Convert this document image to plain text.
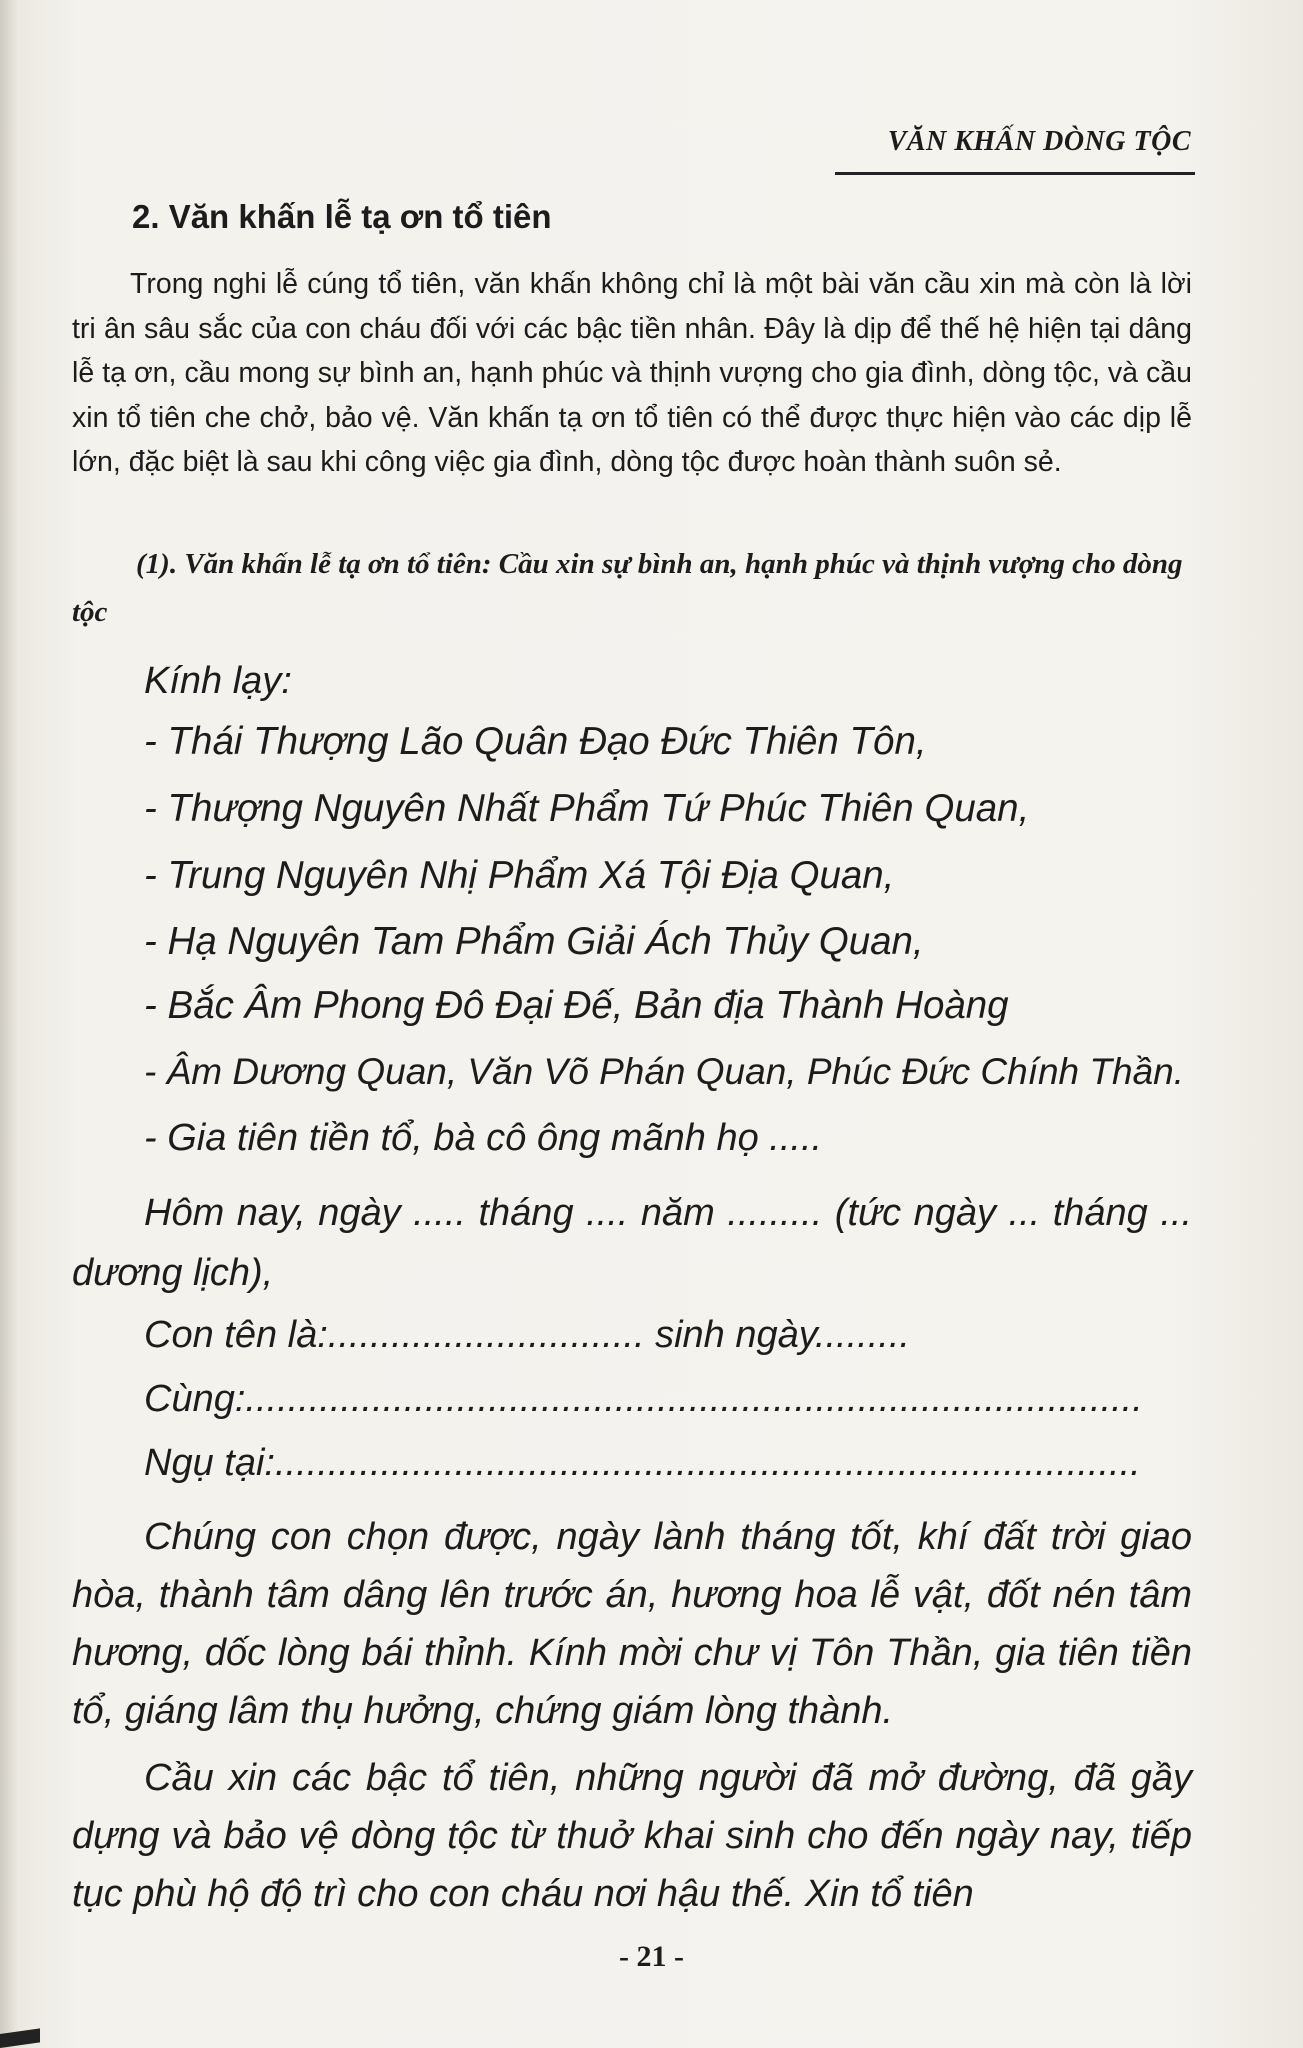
VĂN KHẤN DÒNG TỘC
2. Văn khấn lễ tạ ơn tổ tiên
Trong nghi lễ cúng tổ tiên, văn khấn không chỉ là một bài văn cầu xin mà còn là lời tri ân sâu sắc của con cháu đối với các bậc tiền nhân. Đây là dịp để thế hệ hiện tại dâng lễ tạ ơn, cầu mong sự bình an, hạnh phúc và thịnh vượng cho gia đình, dòng tộc, và cầu xin tổ tiên che chở, bảo vệ. Văn khấn tạ ơn tổ tiên có thể được thực hiện vào các dịp lễ lớn, đặc biệt là sau khi công việc gia đình, dòng tộc được hoàn thành suôn sẻ.
(1). Văn khấn lễ tạ ơn tổ tiên: Cầu xin sự bình an, hạnh phúc và thịnh vượng cho dòng tộc
Kính lạy:
- Thái Thượng Lão Quân Đạo Đức Thiên Tôn,
- Thượng Nguyên Nhất Phẩm Tứ Phúc Thiên Quan,
- Trung Nguyên Nhị Phẩm Xá Tội Địa Quan,
- Hạ Nguyên Tam Phẩm Giải Ách Thủy Quan,
- Bắc Âm Phong Đô Đại Đế, Bản địa Thành Hoàng
- Âm Dương Quan, Văn Võ Phán Quan, Phúc Đức Chính Thần.
- Gia tiên tiền tổ, bà cô ông mãnh họ .....
Hôm nay, ngày ..... tháng .... năm ......... (tức ngày ... tháng ... dương lịch),
Con tên là:.............................. sinh ngày.........
Cùng:.....................................................................................
Ngụ tại:..................................................................................
Chúng con chọn được, ngày lành tháng tốt, khí đất trời giao hòa, thành tâm dâng lên trước án, hương hoa lễ vật, đốt nén tâm hương, dốc lòng bái thỉnh. Kính mời chư vị Tôn Thần, gia tiên tiền tổ, giáng lâm thụ hưởng, chứng giám lòng thành.
Cầu xin các bậc tổ tiên, những người đã mở đường, đã gầy dựng và bảo vệ dòng tộc từ thuở khai sinh cho đến ngày nay, tiếp tục phù hộ độ trì cho con cháu nơi hậu thế. Xin tổ tiên
- 21 -
